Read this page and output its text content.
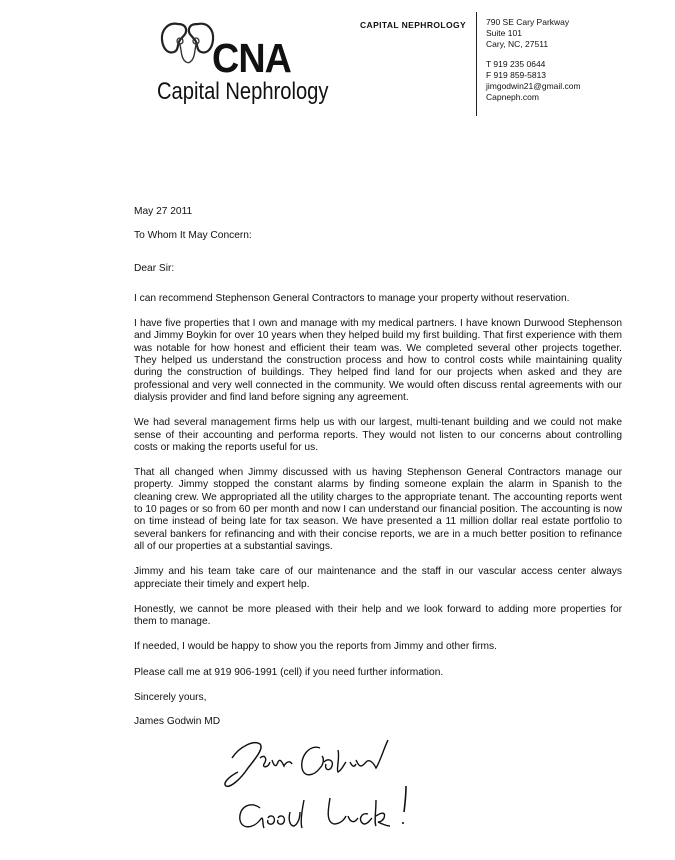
CNA
Capital Nephrology
CAPITAL NEPHROLOGY 790 SE Cary Parkway
Suite 101
Cary, NC, 27511
T 919 235 0644
F 919 859-5813
jimgodwin21@gmail.com
Capneph.com

May 27 2011

To Whom It May Concern:

Dear Sir:

I can recommend Stephenson General Contractors to manage your property without reservation.

I have five properties that I own and manage with my medical partners. I have known Durwood Stephenson and Jimmy Boykin for over 10 years when they helped build my first building. That first experience with them was notable for how honest and efficient their team was. We completed several other projects together. They helped us understand the construction process and how to control costs while maintaining quality during the construction of buildings. They helped find land for our projects when asked and they are professional and very well connected in the community. We would often discuss rental agreements with our dialysis provider and find land before signing any agreement.

We had several management firms help us with our largest, multi-tenant building and we could not make sense of their accounting and performa reports. They would not listen to our concerns about controlling costs or making the reports useful for us.

That all changed when Jimmy discussed with us having Stephenson General Contractors manage our property. Jimmy stopped the constant alarms by finding someone explain the alarm in Spanish to the cleaning crew. We appropriated all the utility charges to the appropriate tenant. The accounting reports went to 10 pages or so from 60 per month and now I can understand our financial position. The accounting is now on time instead of being late for tax season. We have presented a 11 million dollar real estate portfolio to several bankers for refinancing and with their concise reports, we are in a much better position to refinance all of our properties at a substantial savings.

Jimmy and his team take care of our maintenance and the staff in our vascular access center always appreciate their timely and expert help.

Honestly, we cannot be more pleased with their help and we look forward to adding more properties for them to manage.

If needed, I would be happy to show you the reports from Jimmy and other firms.

Please call me at 919 906-1991 (cell) if you need further information.

Sincerely yours,

James Godwin MD
